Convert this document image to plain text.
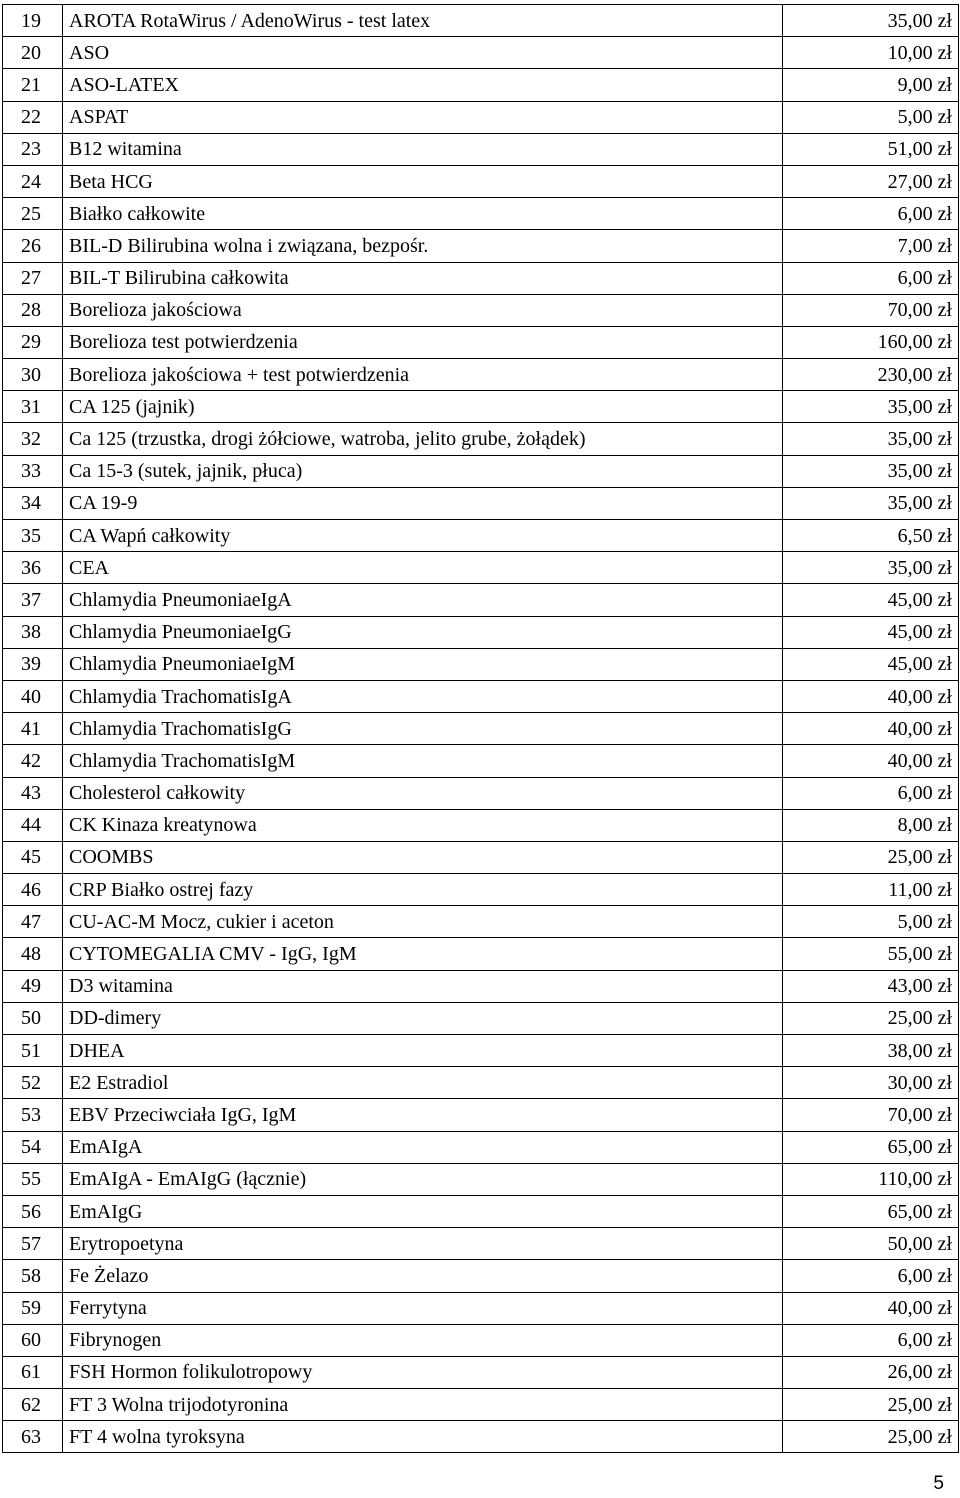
19	AROTA RotaWirus / AdenoWirus - test latex	35,00 zł
20	ASO	10,00 zł
21	ASO-LATEX	9,00 zł
22	ASPAT	5,00 zł
23	B12 witamina	51,00 zł
24	Beta HCG	27,00 zł
25	Białko całkowite	6,00 zł
26	BIL-D Bilirubina wolna i związana, bezpośr.	7,00 zł
27	BIL-T Bilirubina całkowita	6,00 zł
28	Borelioza jakościowa	70,00 zł
29	Borelioza test potwierdzenia	160,00 zł
30	Borelioza jakościowa + test potwierdzenia	230,00 zł
31	CA 125 (jajnik)	35,00 zł
32	Ca 125 (trzustka, drogi żółciowe, watroba, jelito grube, żołądek)	35,00 zł
33	Ca 15-3 (sutek, jajnik, płuca)	35,00 zł
34	CA 19-9	35,00 zł
35	CA Wapń całkowity	6,50 zł
36	CEA	35,00 zł
37	Chlamydia PneumoniaeIgA	45,00 zł
38	Chlamydia PneumoniaeIgG	45,00 zł
39	Chlamydia PneumoniaeIgM	45,00 zł
40	Chlamydia TrachomatisIgA	40,00 zł
41	Chlamydia TrachomatisIgG	40,00 zł
42	Chlamydia TrachomatisIgM	40,00 zł
43	Cholesterol całkowity	6,00 zł
44	CK Kinaza kreatynowa	8,00 zł
45	COOMBS	25,00 zł
46	CRP Białko ostrej fazy	11,00 zł
47	CU-AC-M Mocz, cukier i aceton	5,00 zł
48	CYTOMEGALIA CMV - IgG, IgM	55,00 zł
49	D3 witamina	43,00 zł
50	DD-dimery	25,00 zł
51	DHEA	38,00 zł
52	E2 Estradiol	30,00 zł
53	EBV Przeciwciała IgG, IgM	70,00 zł
54	EmAIgA	65,00 zł
55	EmAIgA - EmAIgG (łącznie)	110,00 zł
56	EmAIgG	65,00 zł
57	Erytropoetyna	50,00 zł
58	Fe Żelazo	6,00 zł
59	Ferrytyna	40,00 zł
60	Fibrynogen	6,00 zł
61	FSH Hormon folikulotropowy	26,00 zł
62	FT 3 Wolna trijodotyronina	25,00 zł
63	FT 4 wolna tyroksyna	25,00 zł
5
